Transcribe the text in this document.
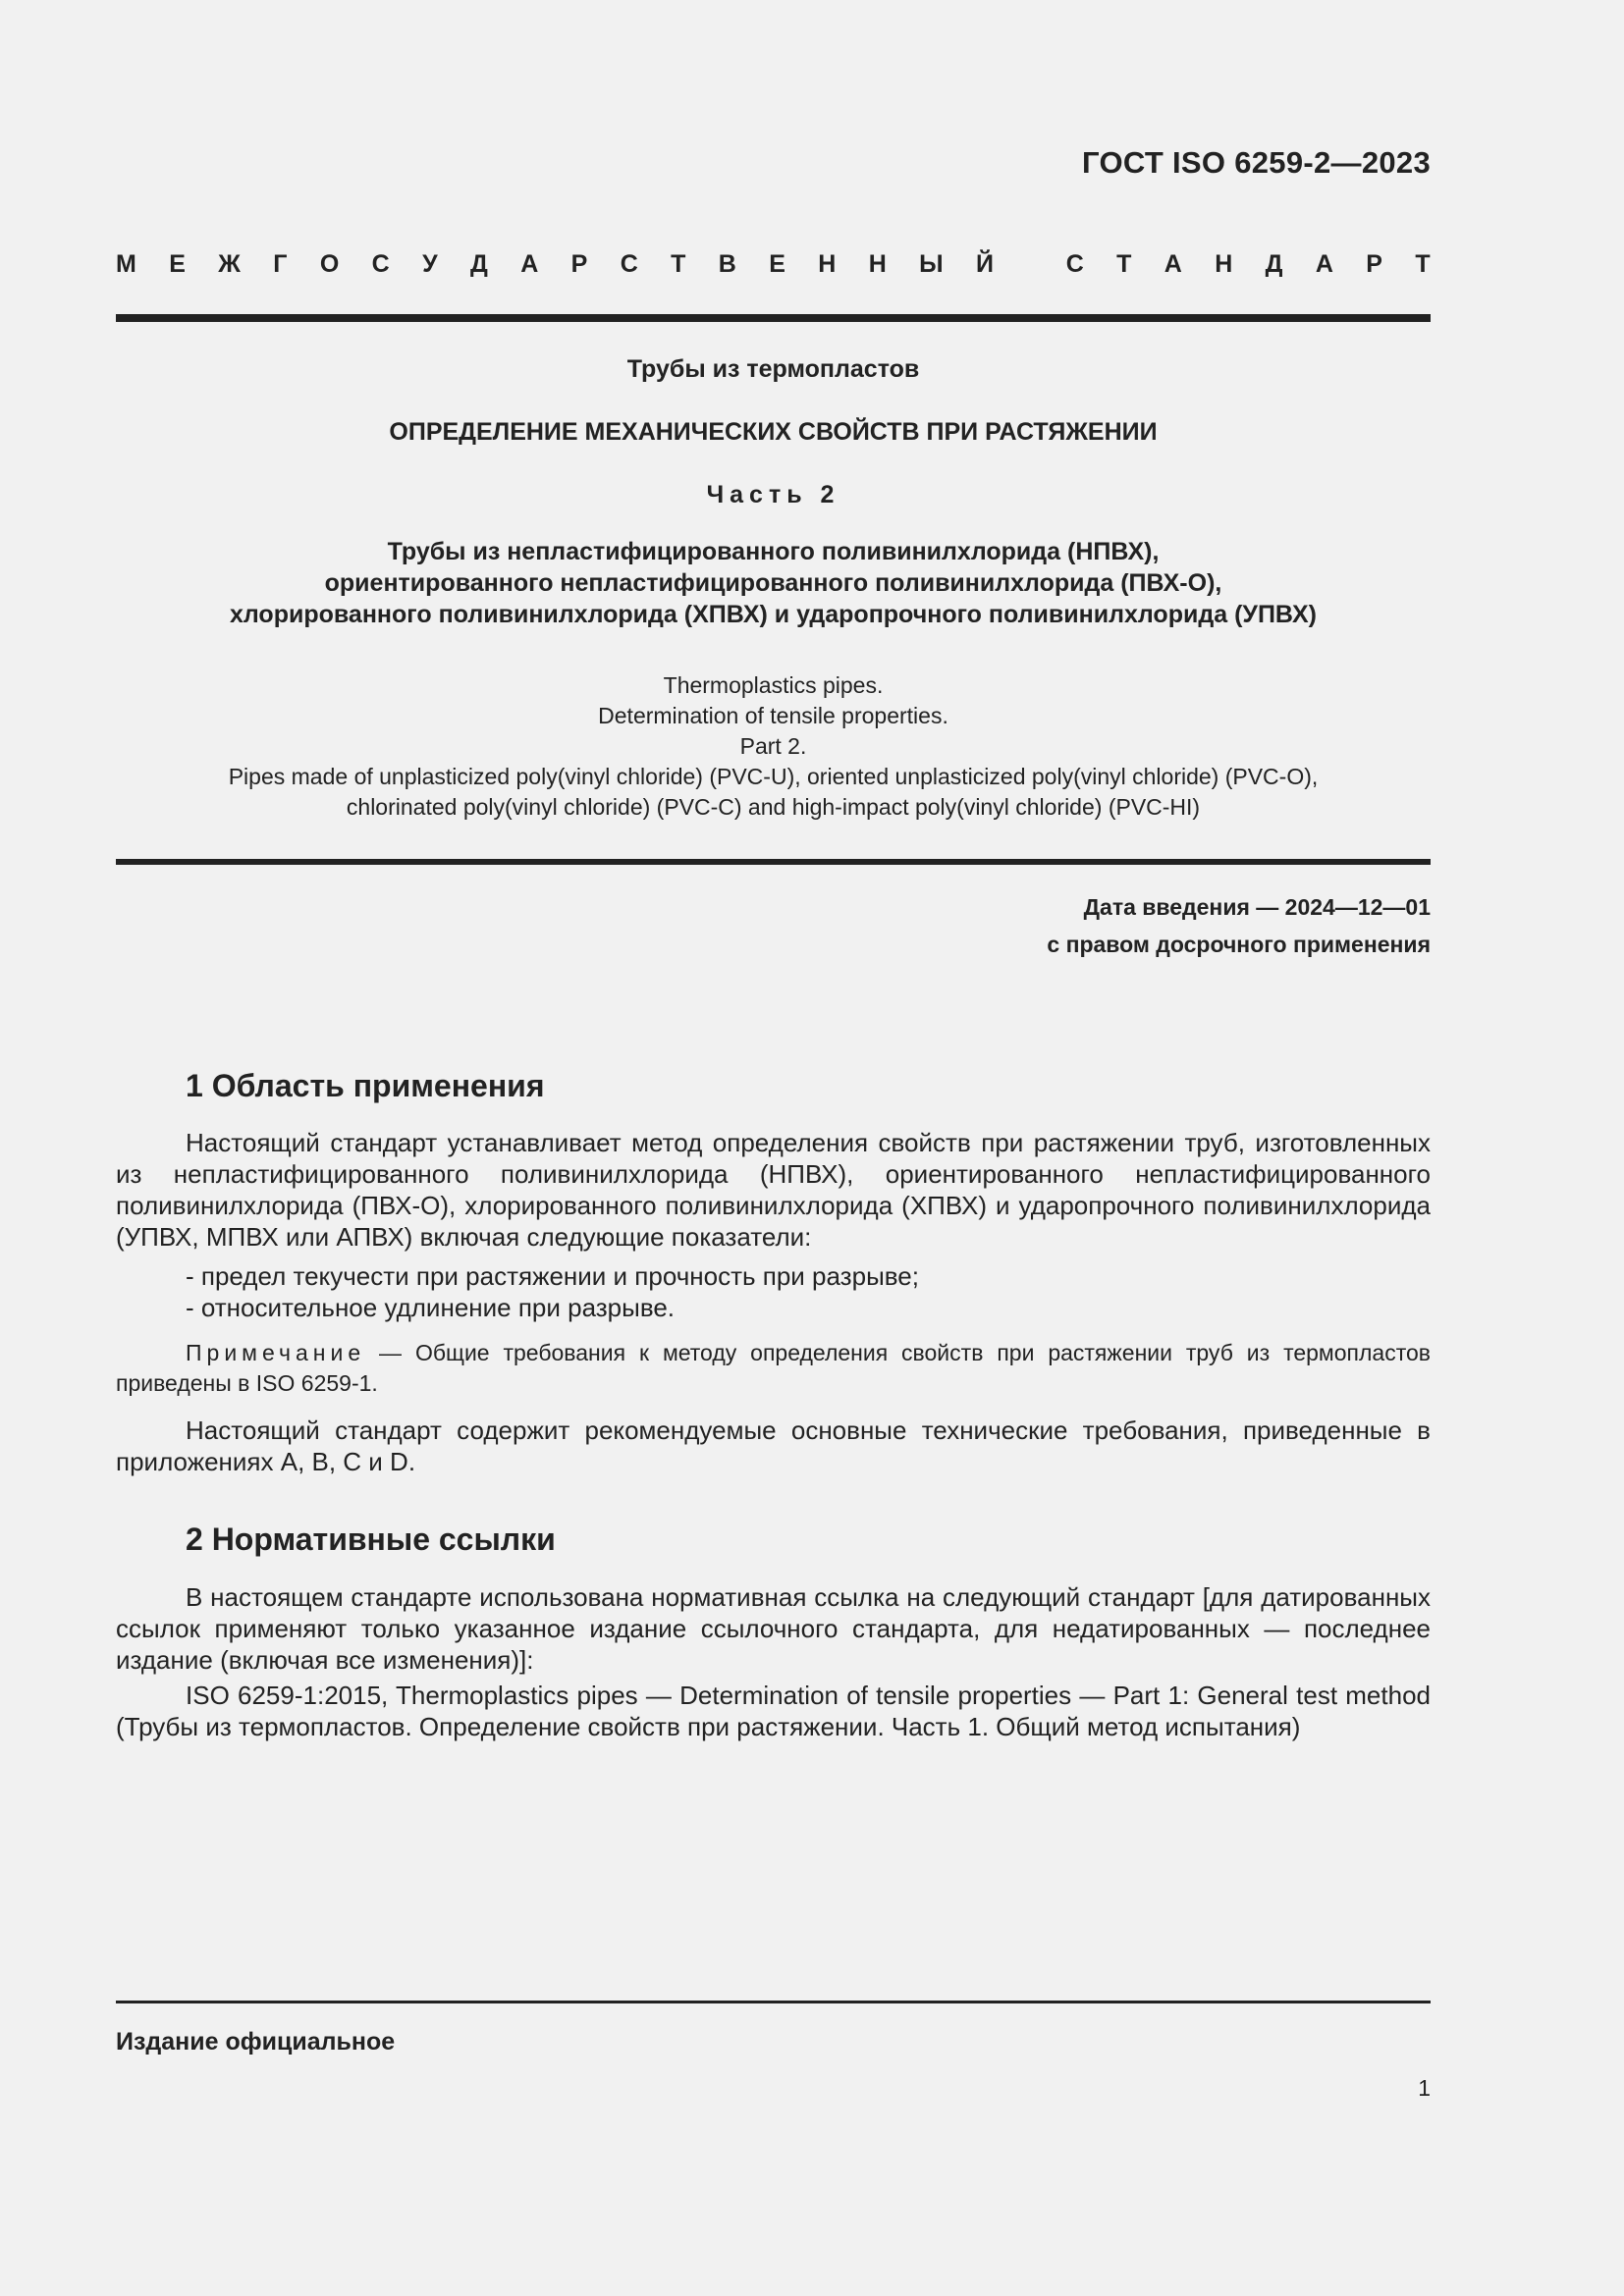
ГОСТ ISO 6259-2—2023
М Е Ж Г О С У Д А Р С Т В Е Н Н Ы Й
	С Т А Н Д А Р Т
Трубы из термопластов
ОПРЕДЕЛЕНИЕ МЕХАНИЧЕСКИХ СВОЙСТВ ПРИ РАСТЯЖЕНИИ
Часть 2
Трубы из непластифицированного поливинилхлорида (НПВХ),
ориентированного непластифицированного поливинилхлорида (ПВХ-О),
хлорированного поливинилхлорида (ХПВХ) и ударопрочного поливинилхлорида (УПВХ)
Thermoplastics pipes.
Determination of tensile properties.
Part 2.
Pipes made of unplasticized poly(vinyl chloride) (PVC-U), oriented unplasticized poly(vinyl chloride) (PVC-O),
chlorinated poly(vinyl chloride) (PVC-C) and high-impact poly(vinyl chloride) (PVC-HI)
Дата введения — 2024—12—01
с правом досрочного применения
1 Область применения
Настоящий стандарт устанавливает метод определения свойств при растяжении труб, изготовленных из непластифицированного поливинилхлорида (НПВХ), ориентированного непластифицированного поливинилхлорида (ПВХ-О), хлорированного поливинилхлорида (ХПВХ) и ударопрочного поливинилхлорида (УПВХ, МПВХ или АПВХ) включая следующие показатели:
- предел текучести при растяжении и прочность при разрыве;
- относительное удлинение при разрыве.
Примечание — Общие требования к методу определения свойств при растяжении труб из термопластов приведены в ISO 6259-1.
Настоящий стандарт содержит рекомендуемые основные технические требования, приведенные в приложениях A, B, C и D.
2 Нормативные ссылки
В настоящем стандарте использована нормативная ссылка на следующий стандарт [для датированных ссылок применяют только указанное издание ссылочного стандарта, для недатированных — последнее издание (включая все изменения)]:
ISO 6259-1:2015, Thermoplastics pipes — Determination of tensile properties — Part 1: General test method (Трубы из термопластов. Определение свойств при растяжении. Часть 1. Общий метод испытания)
Издание официальное
1
